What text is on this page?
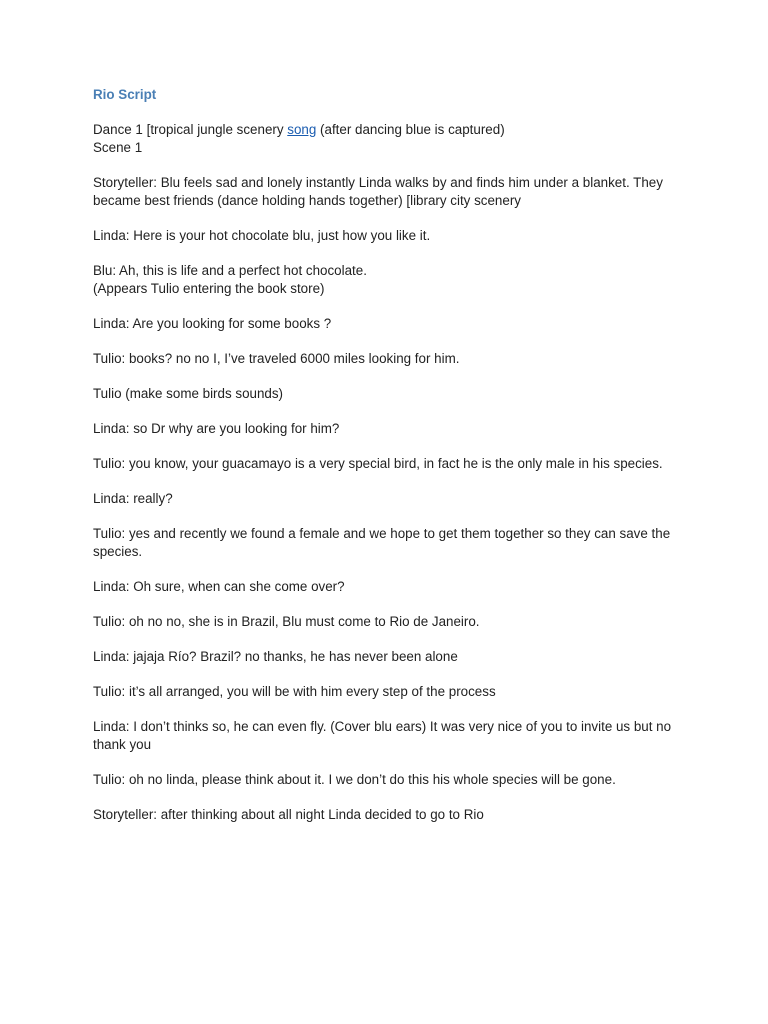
Rio Script
Dance 1 [tropical jungle scenery song (after dancing blue is captured)
Scene 1
Storyteller: Blu feels sad and lonely instantly Linda walks by and finds him under a blanket. They became best friends (dance holding hands together) [library city scenery
Linda: Here is your hot chocolate blu, just how you like it.
Blu: Ah, this is life and a perfect hot chocolate.
(Appears Tulio entering the book store)
Linda: Are you looking for some books ?
Tulio: books? no no I, I’ve traveled 6000 miles looking for him.
Tulio (make some birds sounds)
Linda: so Dr why are you looking for him?
Tulio: you know, your guacamayo is a very special bird, in fact he is the only male in his species.
Linda: really?
Tulio: yes and recently we found a female and we hope to get them together so they can save the species.
Linda: Oh sure, when can she come over?
Tulio: oh no no, she is in Brazil, Blu must come to Rio de Janeiro.
Linda: jajaja Río? Brazil? no thanks, he has never been alone
Tulio: it’s all arranged, you will be with him every step of the process
Linda: I don’t thinks so, he can even fly. (Cover blu ears) It was very nice of you to invite us but no thank you
Tulio: oh no linda, please think about it. I we don’t do this his whole species will be gone.
Storyteller: after thinking about all night Linda decided to go to Rio
